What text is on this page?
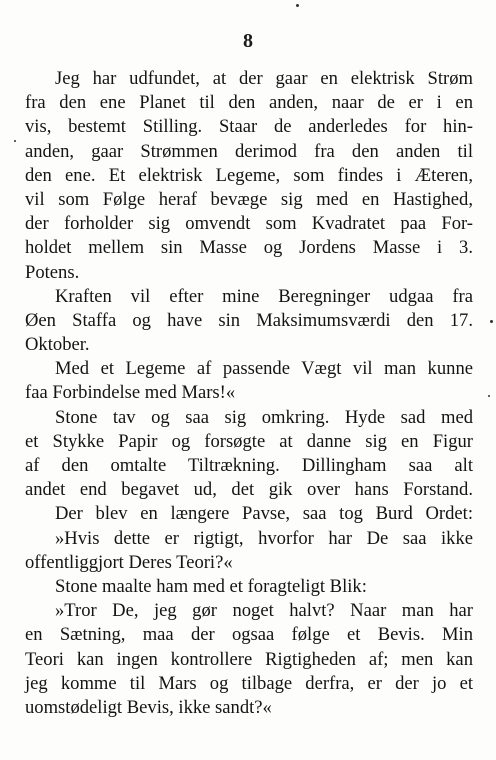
8
Jeg har udfundet, at der gaar en elektrisk Strøm
fra den ene Planet til den anden, naar de er i en
vis, bestemt Stilling. Staar de anderledes for hin-
anden, gaar Strømmen derimod fra den anden til
den ene. Et elektrisk Legeme, som findes i Æteren,
vil som Følge heraf bevæge sig med en Hastighed,
der forholder sig omvendt som Kvadratet paa For-
holdet mellem sin Masse og Jordens Masse i 3.
Potens.
Kraften vil efter mine Beregninger udgaa fra
Øen Staffa og have sin Maksimumsværdi den 17.
Oktober.
Med et Legeme af passende Vægt vil man kunne
faa Forbindelse med Mars!«
Stone tav og saa sig omkring. Hyde sad med
et Stykke Papir og forsøgte at danne sig en Figur
af den omtalte Tiltrækning. Dillingham saa alt
andet end begavet ud, det gik over hans Forstand.
Der blev en længere Pavse, saa tog Burd Ordet:
»Hvis dette er rigtigt, hvorfor har De saa ikke
offentliggjort Deres Teori?«
Stone maalte ham med et foragteligt Blik:
»Tror De, jeg gør noget halvt? Naar man har
en Sætning, maa der ogsaa følge et Bevis. Min
Teori kan ingen kontrollere Rigtigheden af; men kan
jeg komme til Mars og tilbage derfra, er der jo et
uomstødeligt Bevis, ikke sandt?«
